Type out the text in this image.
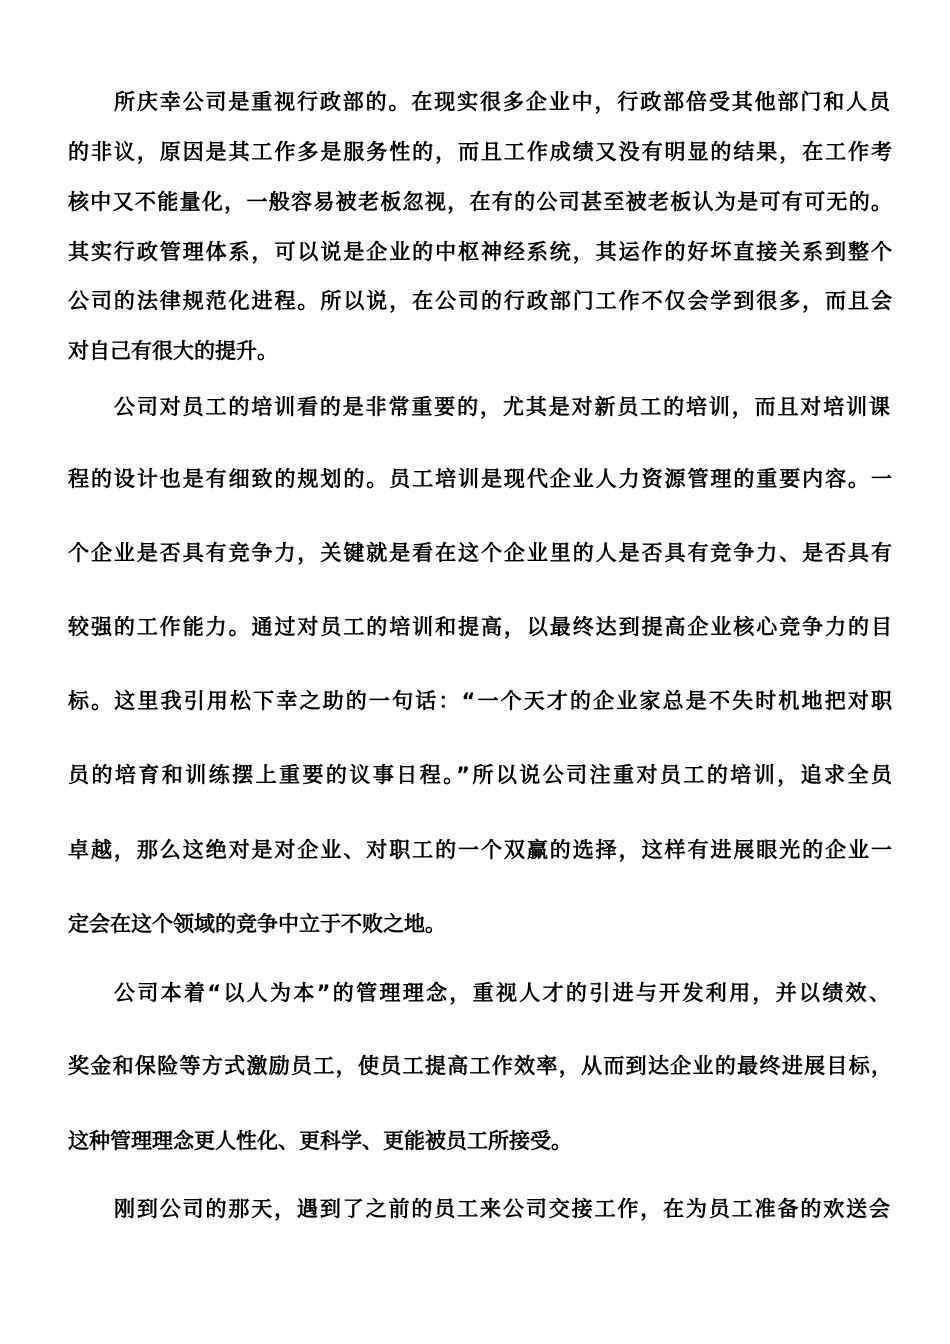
所庆幸公司是重视行政部的。在现实很多企业中，行政部倍受其他部门和人员
的非议，原因是其工作多是服务性的，而且工作成绩又没有明显的结果，在工作考
核中又不能量化，一般容易被老板忽视，在有的公司甚至被老板认为是可有可无的。
其实行政管理体系，可以说是企业的中枢神经系统，其运作的好坏直接关系到整个
公司的法律规范化进程。所以说，在公司的行政部门工作不仅会学到很多，而且会
对自己有很大的提升。
公司对员工的培训看的是非常重要的，尤其是对新员工的培训，而且对培训课
程的设计也是有细致的规划的。员工培训是现代企业人力资源管理的重要内容。一
个企业是否具有竞争力，关键就是看在这个企业里的人是否具有竞争力、是否具有
较强的工作能力。通过对员工的培训和提高，以最终达到提高企业核心竞争力的目
标。这里我引用松下幸之助的一句话：“一个天才的企业家总是不失时机地把对职
员的培育和训练摆上重要的议事日程。”所以说公司注重对员工的培训，追求全员
卓越，那么这绝对是对企业、对职工的一个双赢的选择，这样有进展眼光的企业一
定会在这个领域的竞争中立于不败之地。
公司本着“以人为本”的管理理念，重视人才的引进与开发利用，并以绩效、
奖金和保险等方式激励员工，使员工提高工作效率，从而到达企业的最终进展目标，
这种管理理念更人性化、更科学、更能被员工所接受。
刚到公司的那天，遇到了之前的员工来公司交接工作，在为员工准备的欢送会
